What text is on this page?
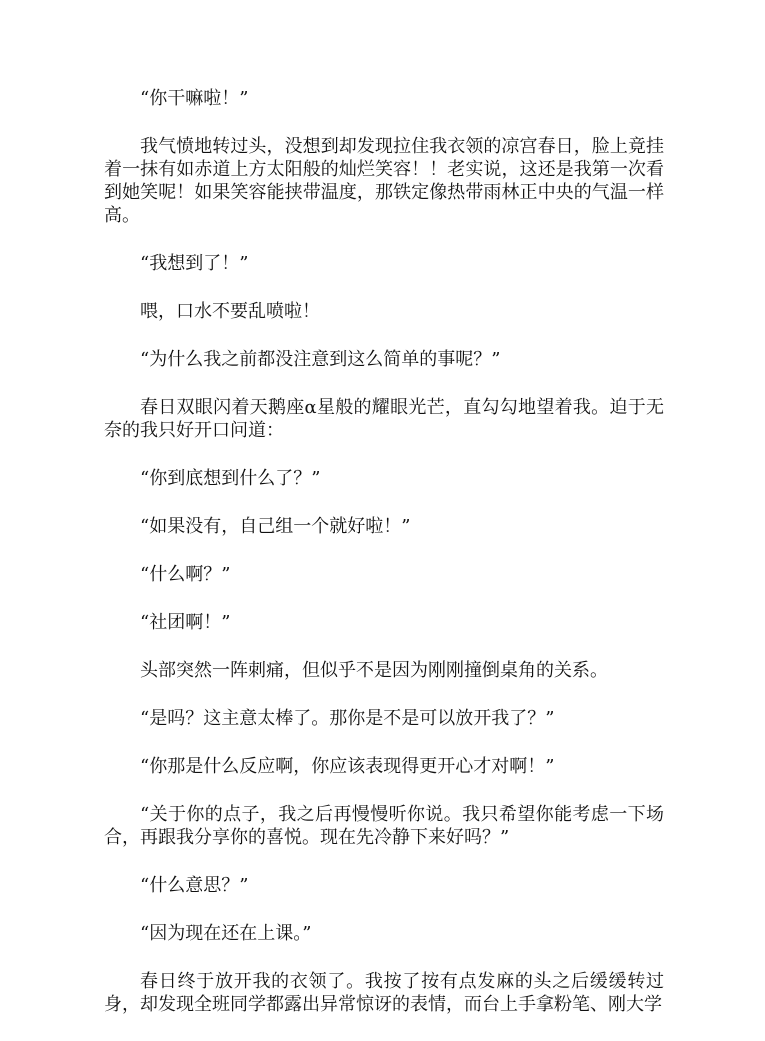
“你干嘛啦！”

我气愤地转过头，没想到却发现拉住我衣领的凉宫春日，脸上竟挂着一抹有如赤道上方太阳般的灿烂笑容！！老实说，这还是我第一次看到她笑呢！如果笑容能挟带温度，那铁定像热带雨林正中央的气温一样高。

“我想到了！”

喂，口水不要乱喷啦！

“为什么我之前都没注意到这么简单的事呢？”

春日双眼闪着天鹅座α星般的耀眼光芒，直勾勾地望着我。迫于无奈的我只好开口问道：

“你到底想到什么了？”

“如果没有，自己组一个就好啦！”

“什么啊？”

“社团啊！”

头部突然一阵刺痛，但似乎不是因为刚刚撞倒桌角的关系。

“是吗？这主意太棒了。那你是不是可以放开我了？”

“你那是什么反应啊，你应该表现得更开心才对啊！”

“关于你的点子，我之后再慢慢听你说。我只希望你能考虑一下场合，再跟我分享你的喜悦。现在先冷静下来好吗？”

“什么意思？”

“因为现在还在上课。”

春日终于放开我的衣领了。我按了按有点发麻的头之后缓缓转过身，却发现全班同学都露出异常惊讶的表情，而台上手拿粉笔、刚大学
